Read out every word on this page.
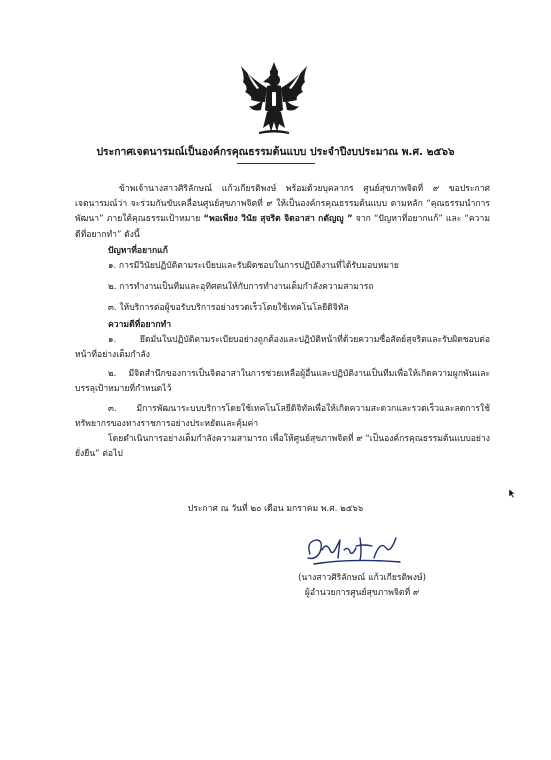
ประกาศเจตนารมณ์เป็นองค์กรคุณธรรมต้นแบบ ประจำปีงบประมาณ พ.ศ. ๒๕๖๖

ข้าพเจ้านางสาวศิริลักษณ์ แก้วเกียรติพงษ์ พร้อมด้วยบุคลากร ศูนย์สุขภาพจิตที่ ๙ ขอประกาศเจตนารมณ์ว่า จะร่วมกันขับเคลื่อนศูนย์สุขภาพจิตที่ ๙ ให้เป็นองค์กรคุณธรรมต้นแบบ ตามหลัก “คุณธรรมนำการพัฒนา” ภายใต้คุณธรรมเป้าหมาย “พอเพียง วินัย สุจริต จิตอาสา กตัญญู ” จาก “ปัญหาที่อยากแก้” และ “ความดีที่อยากทำ” ดังนี้

ปัญหาที่อยากแก้

๑. การมีวินัยปฏิบัติตามระเบียบและรับผิดชอบในการปฏิบัติงานที่ได้รับมอบหมาย

๒. การทำงานเป็นทีมและอุทิศตนให้กับการทำงานเต็มกำลังความสามารถ

๓. ให้บริการต่อผู้ขอรับบริการอย่างรวดเร็วโดยใช้เทคโนโลยีดิจิทัล

ความดีที่อยากทำ

๑. ยึดมั่นในปฏิบัติตามระเบียบอย่างถูกต้องและปฏิบัติหน้าที่ด้วยความซื่อสัตย์สุจริตและรับผิดชอบต่อหน้าที่อย่างเต็มกำลัง

๒. มีจิตสำนึกของการเป็นจิตอาสาในการช่วยเหลือผู้อื่นและปฏิบัติงานเป็นทีมเพื่อให้เกิดความผูกพันและบรรลุเป้าหมายที่กำหนดไว้

๓. มีการพัฒนาระบบบริการโดยใช้เทคโนโลยีดิจิทัลเพื่อให้เกิดความสะดวกและรวดเร็วและลดการใช้ทรัพยากรของทางราชการอย่างประหยัดและคุ้มค่า

โดยดำเนินการอย่างเต็มกำลังความสามารถ เพื่อให้ศูนย์สุขภาพจิตที่ ๙ “เป็นองค์กรคุณธรรมต้นแบบอย่างยั่งยืน” ต่อไป

ประกาศ ณ วันที่ ๒๐ เดือน มกราคม พ.ศ. ๒๕๖๖
(นางสาวศิริลักษณ์ แก้วเกียรติพงษ์)
ผู้อำนวยการศูนย์สุขภาพจิตที่ ๙
